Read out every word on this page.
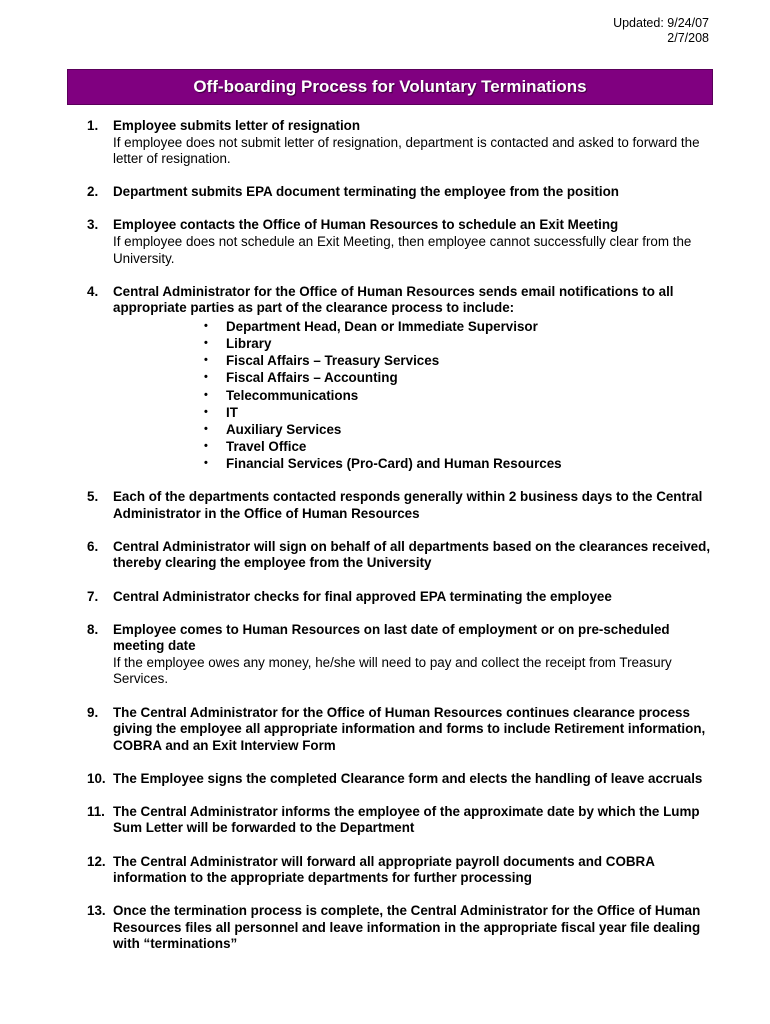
Updated: 9/24/07
2/7/208
Off-boarding Process for Voluntary Terminations
1.	Employee submits letter of resignation
If employee does not submit letter of resignation, department is contacted and asked to forward the letter of resignation.
2.	Department submits EPA document terminating the employee from the position
3.	Employee contacts the Office of Human Resources to schedule an Exit Meeting
If employee does not schedule an Exit Meeting, then employee cannot successfully clear from the University.
4.	Central Administrator for the Office of Human Resources sends email notifications to all appropriate parties as part of the clearance process to include:
•	Department Head, Dean or Immediate Supervisor
•	Library
•	Fiscal Affairs – Treasury Services
•	Fiscal Affairs – Accounting
•	Telecommunications
•	IT
•	Auxiliary Services
•	Travel Office
•	Financial Services (Pro-Card) and Human Resources
5.	Each of the departments contacted responds generally within 2 business days to the Central Administrator in the Office of Human Resources
6.	Central Administrator will sign on behalf of all departments based on the clearances received, thereby clearing the employee from the University
7.	Central Administrator checks for final approved EPA terminating the employee
8.	Employee comes to Human Resources on last date of employment or on pre-scheduled meeting date
If the employee owes any money, he/she will need to pay and collect the receipt from Treasury Services.
9.	The Central Administrator for the Office of Human Resources continues clearance process giving the employee all appropriate information and forms to include Retirement information, COBRA and an Exit Interview Form
10. The Employee signs the completed Clearance form and elects the handling of leave accruals
11. The Central Administrator informs the employee of the approximate date by which the Lump Sum Letter will be forwarded to the Department
12. The Central Administrator will forward all appropriate payroll documents and COBRA information to the appropriate departments for further processing
13. Once the termination process is complete, the Central Administrator for the Office of Human Resources files all personnel and leave information in the appropriate fiscal year file dealing with “terminations”
